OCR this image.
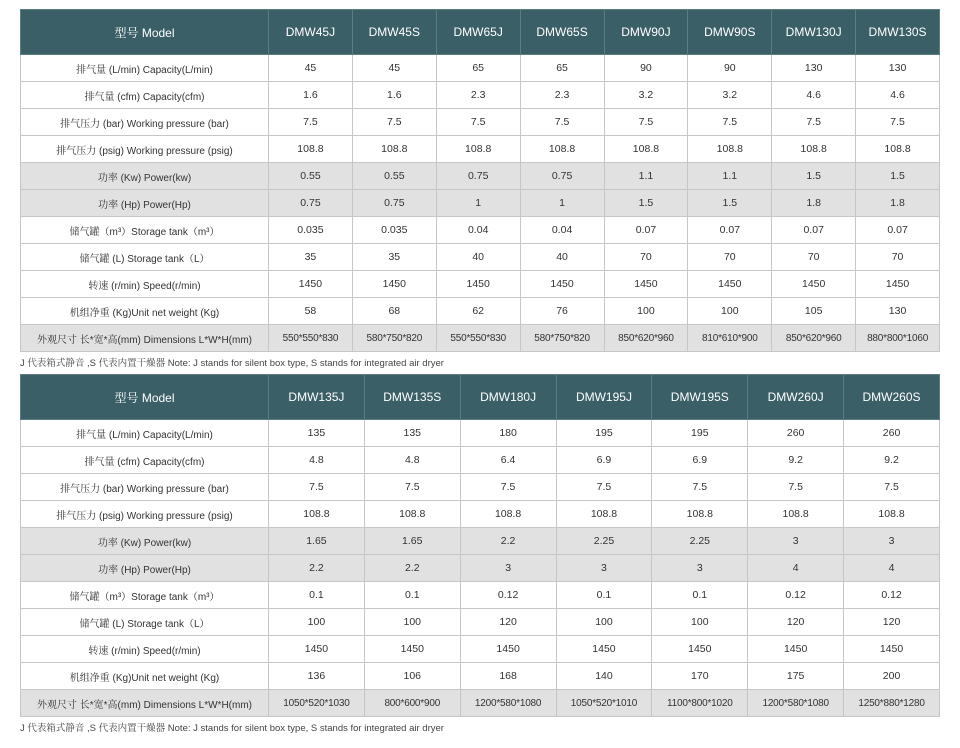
型号 Model	DMW45J	DMW45S	DMW65J	DMW65S	DMW90J	DMW90S	DMW130J	DMW130S
排气量 (L/min) Capacity(L/min)	45	45	65	65	90	90	130	130
排气量 (cfm) Capacity(cfm)	1.6	1.6	2.3	2.3	3.2	3.2	4.6	4.6
排气压力 (bar) Working pressure (bar)	7.5	7.5	7.5	7.5	7.5	7.5	7.5	7.5
排气压力 (psig) Working pressure (psig)	108.8	108.8	108.8	108.8	108.8	108.8	108.8	108.8
功率 (Kw) Power(kw)	0.55	0.55	0.75	0.75	1.1	1.1	1.5	1.5
功率 (Hp) Power(Hp)	0.75	0.75	1	1	1.5	1.5	1.8	1.8
储气罐（m³）Storage tank（m³）	0.035	0.035	0.04	0.04	0.07	0.07	0.07	0.07
储气罐 (L) Storage tank（L）	35	35	40	40	70	70	70	70
转速 (r/min) Speed(r/min)	1450	1450	1450	1450	1450	1450	1450	1450
机组净重 (Kg)Unit net weight (Kg)	58	68	62	76	100	100	105	130
外观尺寸 长*宽*高(mm) Dimensions L*W*H(mm)	550*550*830	580*750*820	550*550*830	580*750*820	850*620*960	810*610*900	850*620*960	880*800*1060
J 代表箱式静音 ,S 代表内置干燥器 Note: J stands for silent box type, S stands for integrated air dryer
型号 Model	DMW135J	DMW135S	DMW180J	DMW195J	DMW195S	DMW260J	DMW260S
排气量 (L/min) Capacity(L/min)	135	135	180	195	195	260	260
排气量 (cfm) Capacity(cfm)	4.8	4.8	6.4	6.9	6.9	9.2	9.2
排气压力 (bar) Working pressure (bar)	7.5	7.5	7.5	7.5	7.5	7.5	7.5
排气压力 (psig) Working pressure (psig)	108.8	108.8	108.8	108.8	108.8	108.8	108.8
功率 (Kw) Power(kw)	1.65	1.65	2.2	2.25	2.25	3	3
功率 (Hp) Power(Hp)	2.2	2.2	3	3	3	4	4
储气罐（m³）Storage tank（m³）	0.1	0.1	0.12	0.1	0.1	0.12	0.12
储气罐 (L) Storage tank（L）	100	100	120	100	100	120	120
转速 (r/min) Speed(r/min)	1450	1450	1450	1450	1450	1450	1450
机组净重 (Kg)Unit net weight (Kg)	136	106	168	140	170	175	200
外观尺寸 长*宽*高(mm) Dimensions L*W*H(mm)	1050*520*1030	800*600*900	1200*580*1080	1050*520*1010	1100*800*1020	1200*580*1080	1250*880*1280
J 代表箱式静音 ,S 代表内置干燥器 Note: J stands for silent box type, S stands for integrated air dryer
